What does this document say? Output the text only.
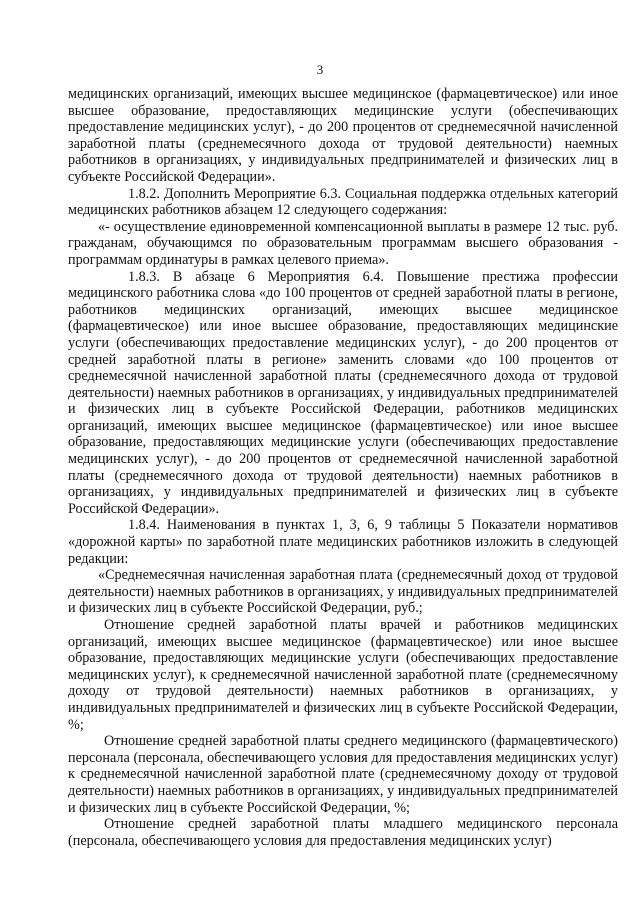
3

медицинских организаций, имеющих высшее медицинское (фармацевтическое) или иное высшее образование, предоставляющих медицинские услуги (обеспечивающих предоставление медицинских услуг), - до 200 процентов от среднемесячной начисленной заработной платы (среднемесячного дохода от трудовой деятельности) наемных работников в организациях, у индивидуальных предпринимателей и физических лиц в субъекте Российской Федерации».

1.8.2. Дополнить Мероприятие 6.3. Социальная поддержка отдельных категорий медицинских работников абзацем 12 следующего содержания:

«- осуществление единовременной компенсационной выплаты в размере 12 тыс. руб. гражданам, обучающимся по образовательным программам высшего образования - программам ординатуры в рамках целевого приема».

1.8.3. В абзаце 6 Мероприятия 6.4. Повышение престижа профессии медицинского работника слова «до 100 процентов от средней заработной платы в регионе, работников медицинских организаций, имеющих высшее медицинское (фармацевтическое) или иное высшее образование, предоставляющих медицинские услуги (обеспечивающих предоставление медицинских услуг), - до 200 процентов от средней заработной платы в регионе» заменить словами «до 100 процентов от среднемесячной начисленной заработной платы (среднемесячного дохода от трудовой деятельности) наемных работников в организациях, у индивидуальных предпринимателей и физических лиц в субъекте Российской Федерации, работников медицинских организаций, имеющих высшее медицинское (фармацевтическое) или иное высшее образование, предоставляющих медицинские услуги (обеспечивающих предоставление медицинских услуг), - до 200 процентов от среднемесячной начисленной заработной платы (среднемесячного дохода от трудовой деятельности) наемных работников в организациях, у индивидуальных предпринимателей и физических лиц в субъекте Российской Федерации».

1.8.4. Наименования в пунктах 1, 3, 6, 9 таблицы 5 Показатели нормативов «дорожной карты» по заработной плате медицинских работников изложить в следующей редакции:

«Среднемесячная начисленная заработная плата (среднемесячный доход от трудовой деятельности) наемных работников в организациях, у индивидуальных предпринимателей и физических лиц в субъекте Российской Федерации, руб.;

Отношение средней заработной платы врачей и работников медицинских организаций, имеющих высшее медицинское (фармацевтическое) или иное высшее образование, предоставляющих медицинские услуги (обеспечивающих предоставление медицинских услуг), к среднемесячной начисленной заработной плате (среднемесячному доходу от трудовой деятельности) наемных работников в организациях, у индивидуальных предпринимателей и физических лиц в субъекте Российской Федерации, %;

Отношение средней заработной платы среднего медицинского (фармацевтического) персонала (персонала, обеспечивающего условия для предоставления медицинских услуг) к среднемесячной начисленной заработной плате (среднемесячному доходу от трудовой деятельности) наемных работников в организациях, у индивидуальных предпринимателей и физических лиц в субъекте Российской Федерации, %;

Отношение средней заработной платы младшего медицинского персонала (персонала, обеспечивающего условия для предоставления медицинских услуг)
